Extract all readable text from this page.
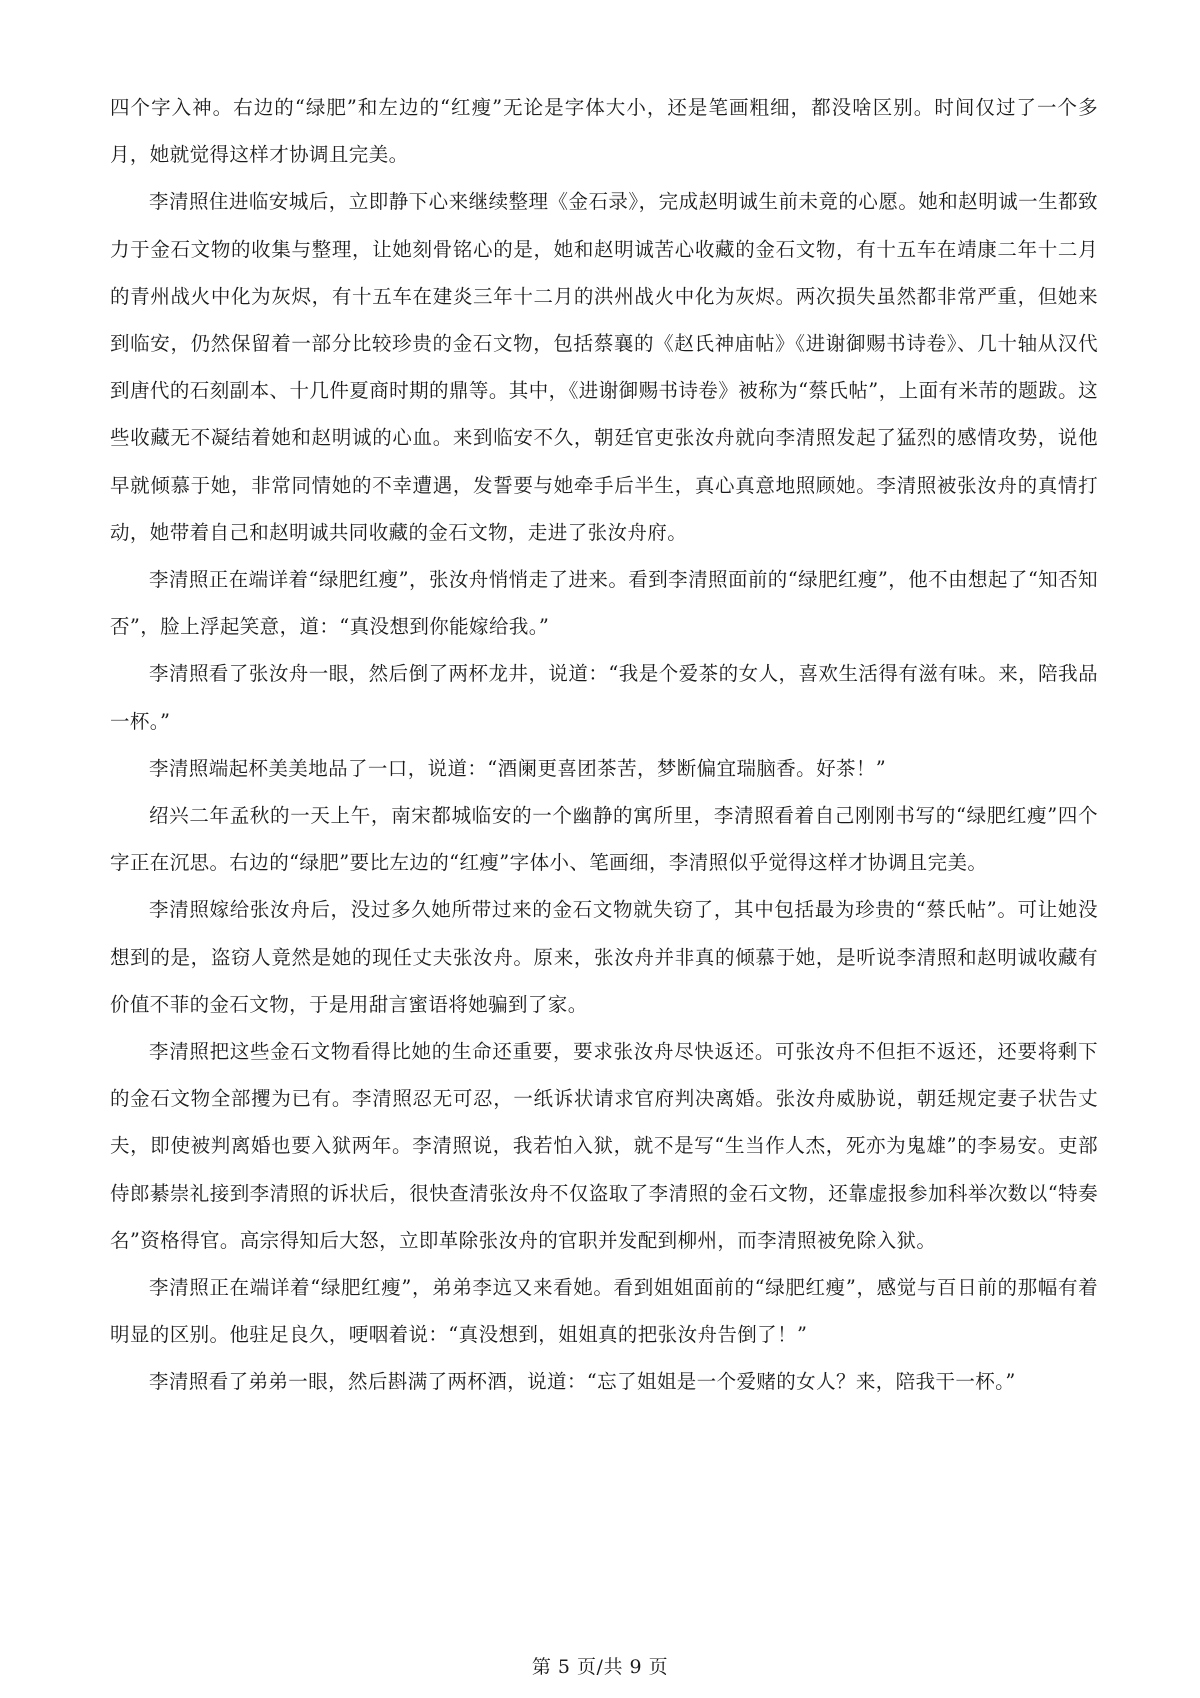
四个字入神。右边的“绿肥”和左边的“红瘦”无论是字体大小，还是笔画粗细，都没啥区别。时间仅过了一个多月，她就觉得这样才协调且完美。

李清照住进临安城后，立即静下心来继续整理《金石录》，完成赵明诚生前未竟的心愿。她和赵明诚一生都致力于金石文物的收集与整理，让她刻骨铭心的是，她和赵明诚苦心收藏的金石文物，有十五车在靖康二年十二月的青州战火中化为灰烬，有十五车在建炎三年十二月的洪州战火中化为灰烬。两次损失虽然都非常严重，但她来到临安，仍然保留着一部分比较珍贵的金石文物，包括蔡襄的《赵氏神庙帖》《进谢御赐书诗卷》、几十轴从汉代到唐代的石刻副本、十几件夏商时期的鼎等。其中，《进谢御赐书诗卷》被称为“蔡氏帖”，上面有米芾的题跋。这些收藏无不凝结着她和赵明诚的心血。来到临安不久，朝廷官吏张汝舟就向李清照发起了猛烈的感情攻势，说他早就倾慕于她，非常同情她的不幸遭遇，发誓要与她牵手后半生，真心真意地照顾她。李清照被张汝舟的真情打动，她带着自己和赵明诚共同收藏的金石文物，走进了张汝舟府。

李清照正在端详着“绿肥红瘦”，张汝舟悄悄走了进来。看到李清照面前的“绿肥红瘦”，他不由想起了“知否知否”，脸上浮起笑意，道：“真没想到你能嫁给我。”

李清照看了张汝舟一眼，然后倒了两杯龙井，说道：“我是个爱茶的女人，喜欢生活得有滋有味。来，陪我品一杯。”

李清照端起杯美美地品了一口，说道：“酒阑更喜团茶苦，梦断偏宜瑞脑香。好茶！”

绍兴二年孟秋的一天上午，南宋都城临安的一个幽静的寓所里，李清照看着自己刚刚书写的“绿肥红瘦”四个字正在沉思。右边的“绿肥”要比左边的“红瘦”字体小、笔画细，李清照似乎觉得这样才协调且完美。

李清照嫁给张汝舟后，没过多久她所带过来的金石文物就失窃了，其中包括最为珍贵的“蔡氏帖”。可让她没想到的是，盗窃人竟然是她的现任丈夫张汝舟。原来，张汝舟并非真的倾慕于她，是听说李清照和赵明诚收藏有价值不菲的金石文物，于是用甜言蜜语将她骗到了家。

李清照把这些金石文物看得比她的生命还重要，要求张汝舟尽快返还。可张汝舟不但拒不返还，还要将剩下的金石文物全部攫为已有。李清照忍无可忍，一纸诉状请求官府判决离婚。张汝舟威胁说，朝廷规定妻子状告丈夫，即使被判离婚也要入狱两年。李清照说，我若怕入狱，就不是写“生当作人杰，死亦为鬼雄”的李易安。吏部侍郎綦崇礼接到李清照的诉状后，很快查清张汝舟不仅盗取了李清照的金石文物，还靠虚报参加科举次数以“特奏名”资格得官。高宗得知后大怒，立即革除张汝舟的官职并发配到柳州，而李清照被免除入狱。

李清照正在端详着“绿肥红瘦”，弟弟李迒又来看她。看到姐姐面前的“绿肥红瘦”，感觉与百日前的那幅有着明显的区别。他驻足良久，哽咽着说：“真没想到，姐姐真的把张汝舟告倒了！”

李清照看了弟弟一眼，然后斟满了两杯酒，说道：“忘了姐姐是一个爱赌的女人？来，陪我干一杯。”

第 5 页/共 9 页
